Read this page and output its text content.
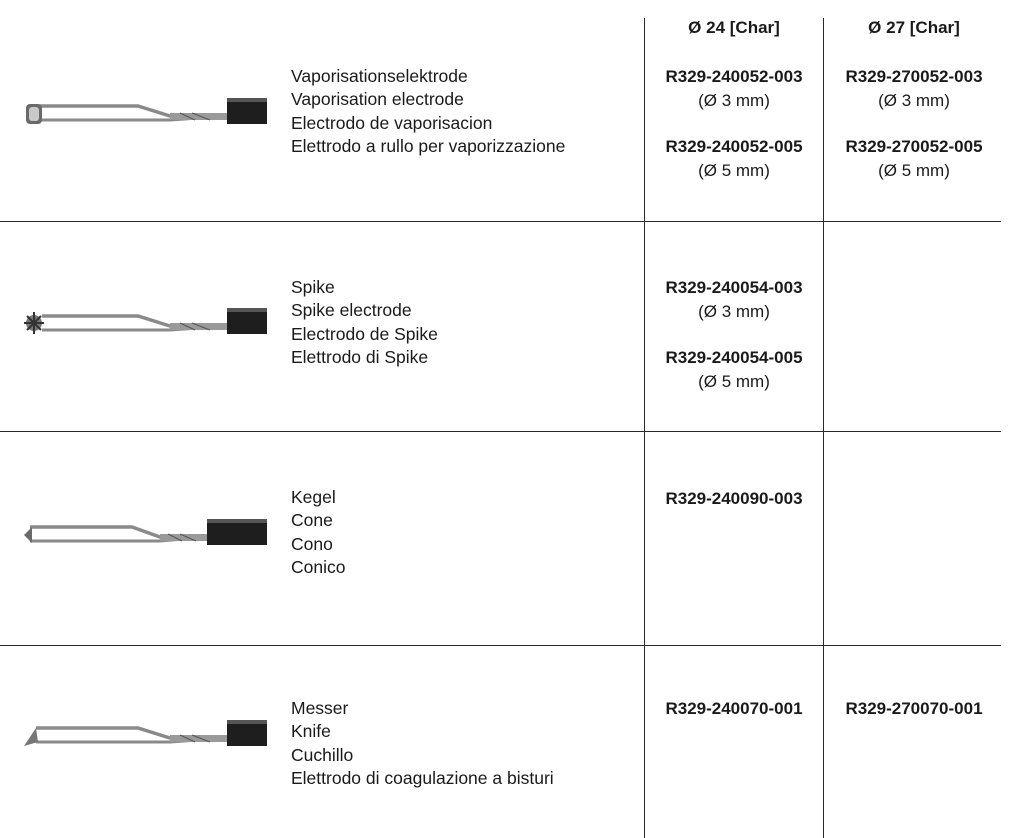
Ø 24 [Char]	Ø 27 [Char]
Vaporisationselektrode
Vaporisation electrode
Electrodo de vaporisacion
Elettrodo a rullo per vaporizzazione
R329-240052-003
(Ø 3 mm)
R329-240052-005
(Ø 5 mm)
R329-270052-003
(Ø 3 mm)
R329-270052-005
(Ø 5 mm)
Spike
Spike electrode
Electrodo de Spike
Elettrodo di Spike
R329-240054-003
(Ø 3 mm)
R329-240054-005
(Ø 5 mm)
Kegel
Cone
Cono
Conico
R329-240090-003
Messer
Knife
Cuchillo
Elettrodo di coagulazione a bisturi
R329-240070-001	R329-270070-001
